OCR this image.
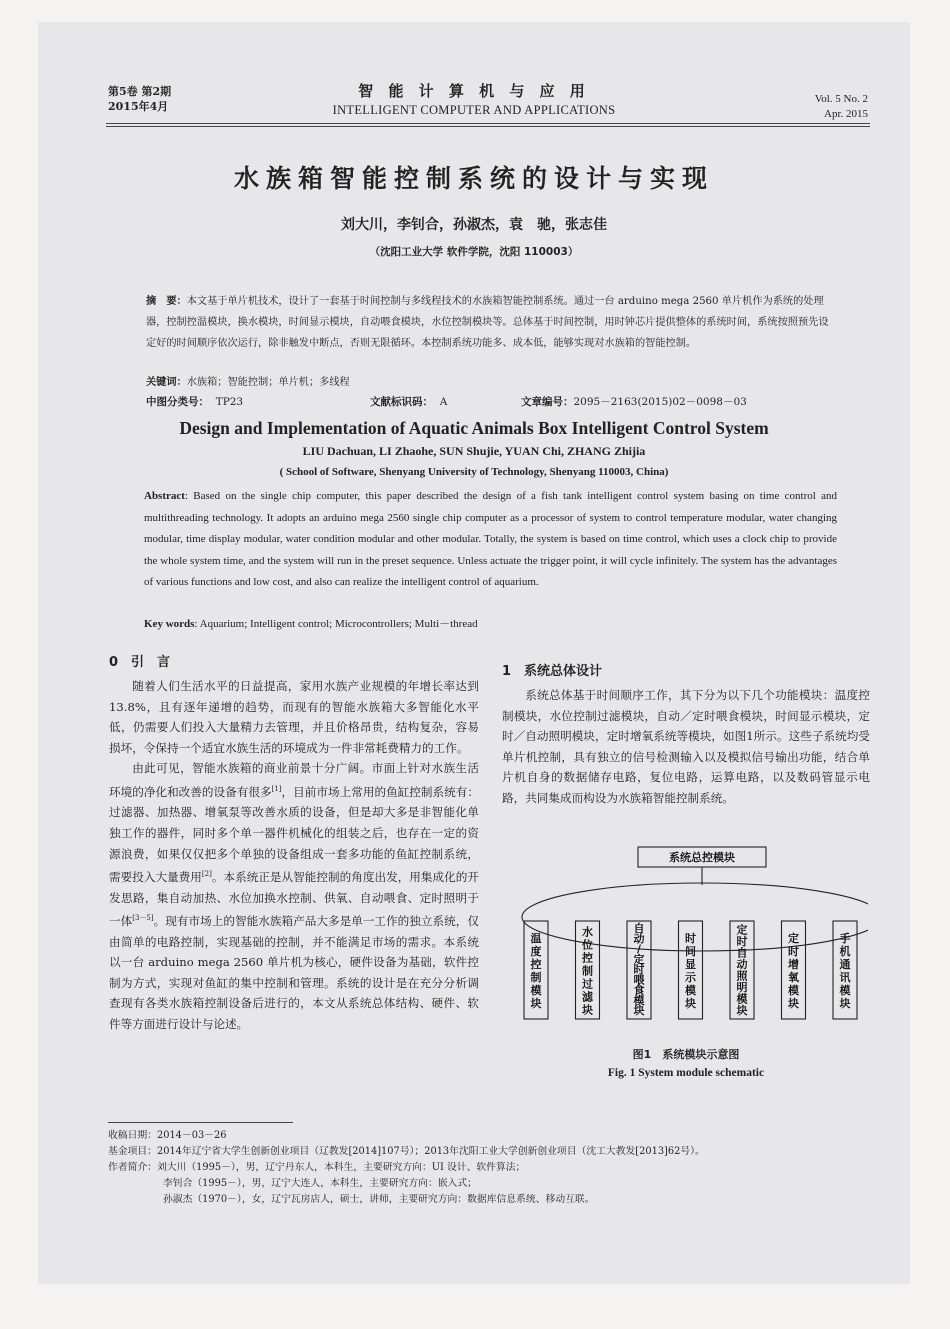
第5卷 第2期
2015年4月
智 能 计 算 机 与 应 用
INTELLIGENT COMPUTER AND APPLICATIONS
Vol. 5 No. 2
Apr. 2015
水族箱智能控制系统的设计与实现
刘大川，李钊合，孙淑杰，袁　驰，张志佳
（沈阳工业大学 软件学院，沈阳 110003）
摘　要：本文基于单片机技术，设计了一套基于时间控制与多线程技术的水族箱智能控制系统。通过一台 arduino mega 2560 单片机作为系统的处理器，控制控温模块，换水模块，时间显示模块，自动喂食模块，水位控制模块等。总体基于时间控制，用时钟芯片提供整体的系统时间，系统按照预先设定好的时间顺序依次运行，除非触发中断点，否则无限循环。本控制系统功能多、成本低，能够实现对水族箱的智能控制。
关键词：水族箱；智能控制；单片机；多线程
中图分类号： TP23	文献标识码： A	文章编号：2095－2163(2015)02－0098－03
Design and Implementation of Aquatic Animals Box Intelligent Control System
LIU Dachuan, LI Zhaohe, SUN Shujie, YUAN Chi, ZHANG Zhijia
( School of Software, Shenyang University of Technology, Shenyang 110003, China)
Abstract: Based on the single chip computer, this paper described the design of a fish tank intelligent control system basing on time control and multithreading technology. It adopts an arduino mega 2560 single chip computer as a processor of system to control temperature modular, water changing modular, time display modular, water condition modular and other modular. Totally, the system is based on time control, which uses a clock chip to provide the whole system time, and the system will run in the preset sequence. Unless actuate the trigger point, it will cycle infinitely. The system has the advantages of various functions and low cost, and also can realize the intelligent control of aquarium.
Key words: Aquarium; Intelligent control; Microcontrollers; Multi－thread
0　引　言

随着人们生活水平的日益提高，家用水族产业规模的年增长率达到13.8%，且有逐年递增的趋势，而现有的智能水族箱大多智能化水平低，仍需要人们投入大量精力去管理，并且价格昂贵，结构复杂，容易损坏，令保持一个适宜水族生活的环境成为一件非常耗费精力的工作。

由此可见，智能水族箱的商业前景十分广阔。市面上针对水族生活环境的净化和改善的设备有很多[1]，目前市场上常用的鱼缸控制系统有：过滤器、加热器、增氧泵等改善水质的设备，但是却大多是非智能化单独工作的器件，同时多个单一器件机械化的组装之后，也存在一定的资源浪费，如果仅仅把多个单独的设备组成一套多功能的鱼缸控制系统，需要投入大量费用[2]。本系统正是从智能控制的角度出发，用集成化的开发思路，集自动加热、水位加换水控制、供氧、自动喂食、定时照明于一体[3－5]。现有市场上的智能水族箱产品大多是单一工作的独立系统，仅由简单的电路控制，实现基础的控制，并不能满足市场的需求。本系统以一台 arduino mega 2560 单片机为核心，硬件设备为基础，软件控制为方式，实现对鱼缸的集中控制和管理。系统的设计是在充分分析调查现有各类水族箱控制设备后进行的，本文从系统总体结构、硬件、软件等方面进行设计与论述。

1　系统总体设计

系统总体基于时间顺序工作，其下分为以下几个功能模块：温度控制模块，水位控制过滤模块，自动／定时喂食模块，时间显示模块，定时／自动照明模块，定时增氧系统等模块，如图1所示。这些子系统均受单片机控制，具有独立的信号检测输入以及模拟信号输出功能，结合单片机自身的数据储存电路，复位电路，运算电路，以及数码管显示电路，共同集成而构设为水族箱智能控制系统。

系统总控模块
温度控制模块
水位控制过滤块
自动/定时喂食模块
时间显示模块
定时自动照明模块
定时增氧模块
手机通讯模块
图1　系统模块示意图
Fig. 1 System module schematic
收稿日期：2014－03－26
基金项目：2014年辽宁省大学生创新创业项目（辽教发[2014]107号）；2013年沈阳工业大学创新创业项目（沈工大教发[2013]62号）。
作者简介：刘大川（1995－），男，辽宁丹东人，本科生，主要研究方向：UI 设计、软件算法；
李钊合（1995－），男，辽宁大连人，本科生，主要研究方向：嵌入式；
孙淑杰（1970－），女，辽宁瓦房店人，硕士，讲师，主要研究方向：数据库信息系统、移动互联。
